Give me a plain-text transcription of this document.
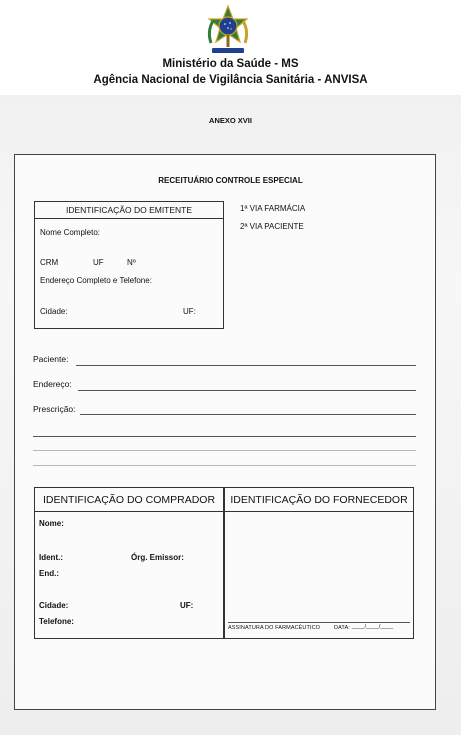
Ministério da Saúde - MS
Agência Nacional de Vigilância Sanitária - ANVISA
ANEXO XVII
RECEITUÁRIO CONTROLE ESPECIAL
IDENTIFICAÇÃO DO EMITENTE
Nome Completo:
CRM	UF	Nº
Endereço Completo e Telefone:
Cidade:	UF:
1ª VIA FARMÁCIA
2ª VIA PACIENTE
Paciente:
Endereço:
Prescrição:
IDENTIFICAÇÃO DO COMPRADOR
Nome:
Ident.:	Órg. Emissor:
End.:
Cidade:	UF:
Telefone:
IDENTIFICAÇÃO DO FORNECEDOR
ASSINATURA DO FARMACÊUTICO	DATA: ____/____/____
